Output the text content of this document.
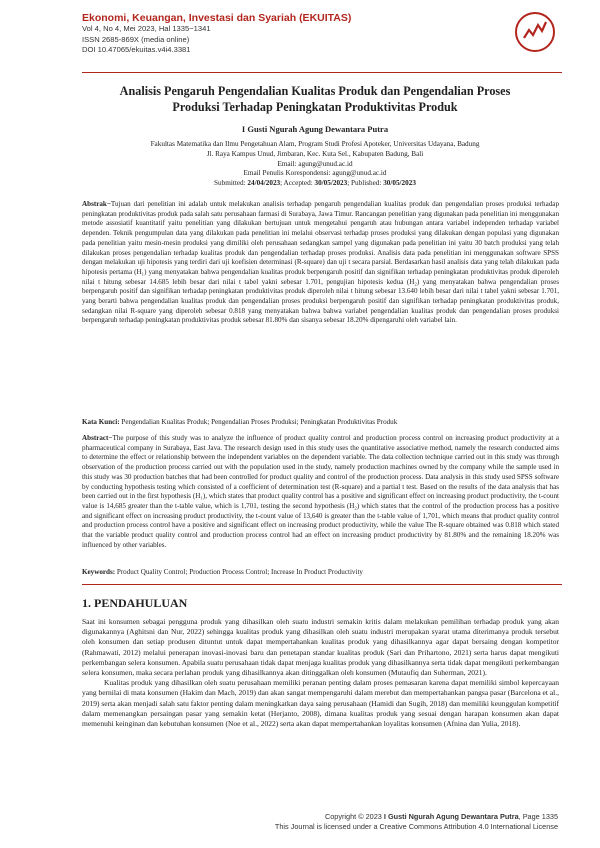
Ekonomi, Keuangan, Investasi dan Syariah (EKUITAS)
Vol 4, No 4, Mei 2023, Hal 1335−1341
ISSN 2685-869X (media online)
DOI 10.47065/ekuitas.v4i4.3381
Analisis Pengaruh Pengendalian Kualitas Produk dan Pengendalian Proses Produksi Terhadap Peningkatan Produktivitas Produk
I Gusti Ngurah Agung Dewantara Putra
Fakultas Matematika dan Ilmu Pengetahuan Alam, Program Studi Profesi Apoteker, Universitas Udayana, Badung
Jl. Raya Kampus Unud, Jimbaran, Kec. Kuta Sel., Kabupaten Badung, Bali
Email: agung@unud.ac.id
Email Penulis Korespondensi: agung@unud.ac.id
Submitted: 24/04/2023; Accepted: 30/05/2023; Published: 30/05/2023
Abstrak−Tujuan dari penelitian ini adalah untuk melakukan analisis terhadap pengaruh pengendalian kualitas produk dan pengendalian proses produksi terhadap peningkatan produktivitas produk pada salah satu perusahaan farmasi di Surabaya, Jawa Timur. Rancangan penelitian yang digunakan pada penelitian ini menggunakan metode assosiatif kuantitatif yaitu penelitian yang dilakukan bertujuan untuk mengetahui pengaruh atau hubungan antara variabel independen terhadap variabel dependen. Teknik pengumpulan data yang dilakukan pada penelitian ini melalui observasi terhadap proses produksi yang dilakukan dengan populasi yang digunakan pada penelitian yaitu mesin-mesin produksi yang dimiliki oleh perusahaan sedangkan sampel yang digunakan pada penelitian ini yaitu 30 batch produksi yang telah dilakukan proses pengendalian terhadap kualitas produk dan pengendalian terhadap proses produksi. Analisis data pada penelitian ini menggunakan software SPSS dengan melakukan uji hipotesis yang terdiri dari uji koefisien determinasi (R-square) dan uji t secara parsial. Berdasarkan hasil analisis data yang telah dilakukan pada hipotesis pertama (H₁) yang menyatakan bahwa pengendalian kualitas produk berpengaruh positif dan signifikan terhadap peningkatan produktivitas produk diperoleh nilai t hitung sebesar 14.685 lebih besar dari nilai t tabel yakni sebesar 1.701, pengujian hipotesis kedua (H₂) yang menyatakan bahwa pengendalian proses berpengaruh positif dan signifikan terhadap peningkatan produktivitas produk diperoleh nilai t hitung sebesar 13.640 lebih besar dari nilai t tabel yakni sebesar 1.701, yang berarti bahwa pengendalian kualitas produk dan pengendalian proses produksi berpengaruh positif dan signifikan terhadap peningkatan produktivitas produk, sedangkan nilai R-square yang diperoleh sebesar 0.818 yang menyatakan bahwa bahwa variabel pengendalian kualitas produk dan pengendalian proses produksi berpengaruh terhadap peningkatan produktivitas produk sebesar 81.80% dan sisanya sebesar 18.20% dipengaruhi oleh variabel lain.
Kata Kunci: Pengendalian Kualitas Produk; Pengendalian Proses Produksi; Peningkatan Produktivitas Produk
Abstract−The purpose of this study was to analyze the influence of product quality control and production process control on increasing product productivity at a pharmaceutical company in Surabaya, East Java. The research design used in this study uses the quantitative associative method, namely the research conducted aims to determine the effect or relationship between the independent variables on the dependent variable. The data collection technique carried out in this study was through observation of the production process carried out with the population used in the study, namely production machines owned by the company while the sample used in this study was 30 production batches that had been controlled for product quality and control of the production process. Data analysis in this study used SPSS software by conducting hypothesis testing which consisted of a coefficient of determination test (R-square) and a partial t test. Based on the results of the data analysis that has been carried out in the first hypothesis (H₁), which states that product quality control has a positive and significant effect on increasing product productivity, the t-count value is 14,685 greater than the t-table value, which is 1,701, testing the second hypothesis (H₂) which states that the control of the production process has a positive and significant effect on increasing product productivity, the t-count value of 13,640 is greater than the t-table value of 1,701, which means that product quality control and production process control have a positive and significant effect on increasing product productivity, while the value The R-square obtained was 0.818 which stated that the variable product quality control and production process control had an effect on increasing product productivity by 81.80% and the remaining 18.20% was influenced by other variables.
Keywords: Product Quality Control; Production Process Control; Increase In Product Productivity
1. PENDAHULUAN

Saat ini konsumen sebagai pengguna produk yang dihasilkan oleh suatu industri semakin kritis dalam melakukan pemilihan terhadap produk yang akan digunakannya (Aghitsni dan Nur, 2022) sehingga kualitas produk yang dihasilkan oleh suatu industri merupakan syarat utama diterimanya produk tersebut oleh konsumen dan setiap produsen dituntut untuk dapat mempertahankan kualitas produk yang dihasilkannya agar dapat bersaing dengan kompetitor (Rahmawati, 2012) melalui penerapan inovasi-inovasi baru dan penetapan standar kualitas produk (Sari dan Prihartono, 2021) serta harus dapat mengikuti perkembangan selera konsumen. Apabila suatu perusahaan tidak dapat menjaga kualitas produk yang dihasilkannya serta tidak dapat mengikuti perkembangan selera konsumen, maka secara perlahan produk yang dihasilkannya akan ditinggalkan oleh konsumen (Mutaufiq dan Suherman, 2021).

Kualitas produk yang dihasilkan oleh suatu perusahaan memiliki peranan penting dalam proses pemasaran karena dapat memiliki simbol kepercayaan yang bernilai di mata konsumen (Hakim dan Mach, 2019) dan akan sangat mempengaruhi dalam merebut dan mempertahankan pangsa pasar (Barcelona et al., 2019) serta akan menjadi salah satu faktor penting dalam meningkatkan daya saing perusahaan (Hamidi dan Sugih, 2018) dan memiliki keunggulan kompetitif dalam memenangkan persaingan pasar yang semakin ketat (Herjanto, 2008), dimana kualitas produk yang sesuai dengan harapan konsumen akan dapat memenuhi keinginan dan kebutuhan konsumen (Noe et al., 2022) serta akan dapat mempertahankan loyalitas konsumen (Afnina dan Yulia, 2018).

Copyright © 2023 I Gusti Ngurah Agung Dewantara Putra, Page 1335
This Journal is licensed under a Creative Commons Attribution 4.0 International License
